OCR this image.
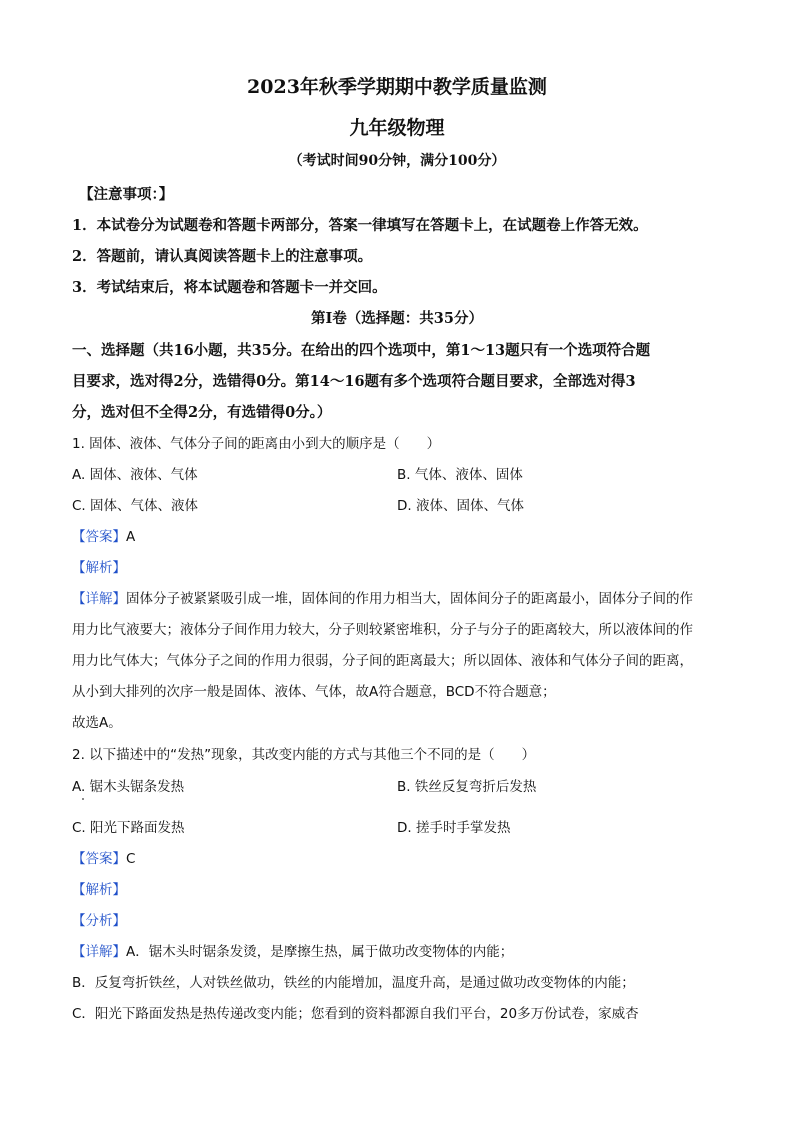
2023年秋季学期期中教学质量监测
九年级物理
（考试时间90分钟，满分100分）
【注意事项：】
1．本试卷分为试题卷和答题卡两部分，答案一律填写在答题卡上，在试题卷上作答无效。
2．答题前，请认真阅读答题卡上的注意事项。
3．考试结束后，将本试题卷和答题卡一并交回。
第Ⅰ卷（选择题：共35分）
一、选择题（共16小题，共35分。在给出的四个选项中，第1～13题只有一个选项符合题
目要求，选对得2分，选错得0分。第14～16题有多个选项符合题目要求，全部选对得3
分，选对但不全得2分，有选错得0分。）
1. 固体、液体、气体分子间的距离由小到大的顺序是（　　）
A. 固体、液体、气体	B. 气体、液体、固体
C. 固体、气体、液体	D. 液体、固体、气体
【答案】A
【解析】
【详解】固体分子被紧紧吸引成一堆，固体间的作用力相当大，固体间分子的距离最小，固体分子间的作
用力比气液要大；液体分子间作用力较大，分子则较紧密堆积，分子与分子的距离较大，所以液体间的作
用力比气体大；气体分子之间的作用力很弱，分子间的距离最大；所以固体、液体和气体分子间的距离，
从小到大排列的次序一般是固体、液体、气体，故A符合题意，BCD不符合题意；
故选A。
2. 以下描述中的“发热”现象，其改变内能的方式与其他三个不同的是（　　）
A. 锯木头锯条发热	B. 铁丝反复弯折后发热
C. 阳光下路面发热	D. 搓手时手掌发热
【答案】C
【解析】
【分析】
【详解】A．锯木头时锯条发烫，是摩擦生热，属于做功改变物体的内能；
B．反复弯折铁丝，人对铁丝做功，铁丝的内能增加，温度升高，是通过做功改变物体的内能；
C．阳光下路面发热是热传递改变内能；您看到的资料都源自我们平台，20多万份试卷，家威杏
